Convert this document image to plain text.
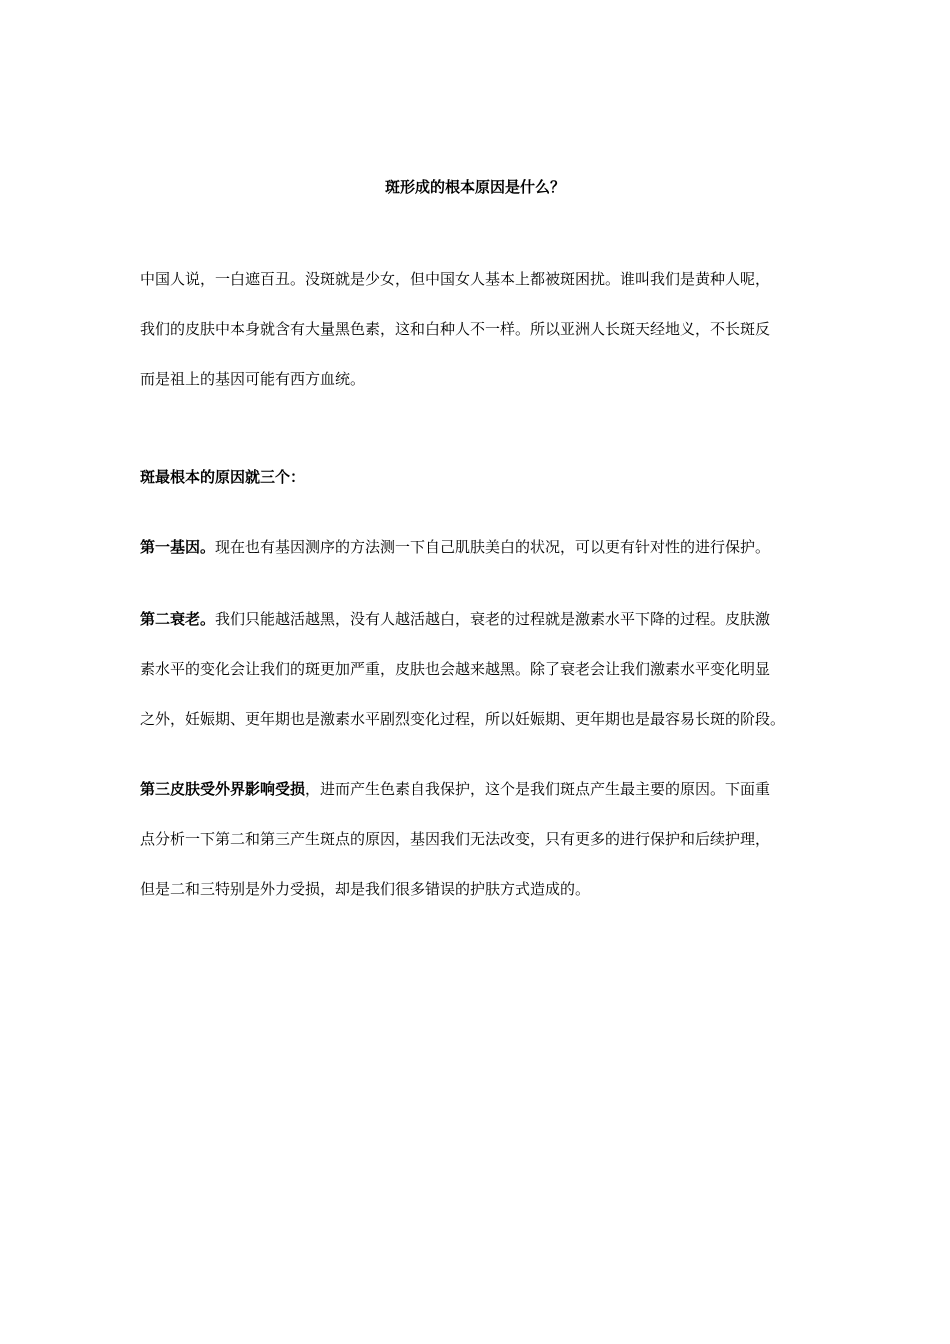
斑形成的根本原因是什么？
中国人说，一白遮百丑。没斑就是少女，但中国女人基本上都被斑困扰。谁叫我们是黄种人呢，
我们的皮肤中本身就含有大量黑色素，这和白种人不一样。所以亚洲人长斑天经地义，不长斑反
而是祖上的基因可能有西方血统。
斑最根本的原因就三个：
第一基因。现在也有基因测序的方法测一下自己肌肤美白的状况，可以更有针对性的进行保护。
第二衰老。我们只能越活越黑，没有人越活越白，衰老的过程就是激素水平下降的过程。皮肤激
素水平的变化会让我们的斑更加严重，皮肤也会越来越黑。除了衰老会让我们激素水平变化明显
之外，妊娠期、更年期也是激素水平剧烈变化过程，所以妊娠期、更年期也是最容易长斑的阶段。
第三皮肤受外界影响受损，进而产生色素自我保护，这个是我们斑点产生最主要的原因。下面重
点分析一下第二和第三产生斑点的原因，基因我们无法改变，只有更多的进行保护和后续护理，
但是二和三特别是外力受损，却是我们很多错误的护肤方式造成的。
